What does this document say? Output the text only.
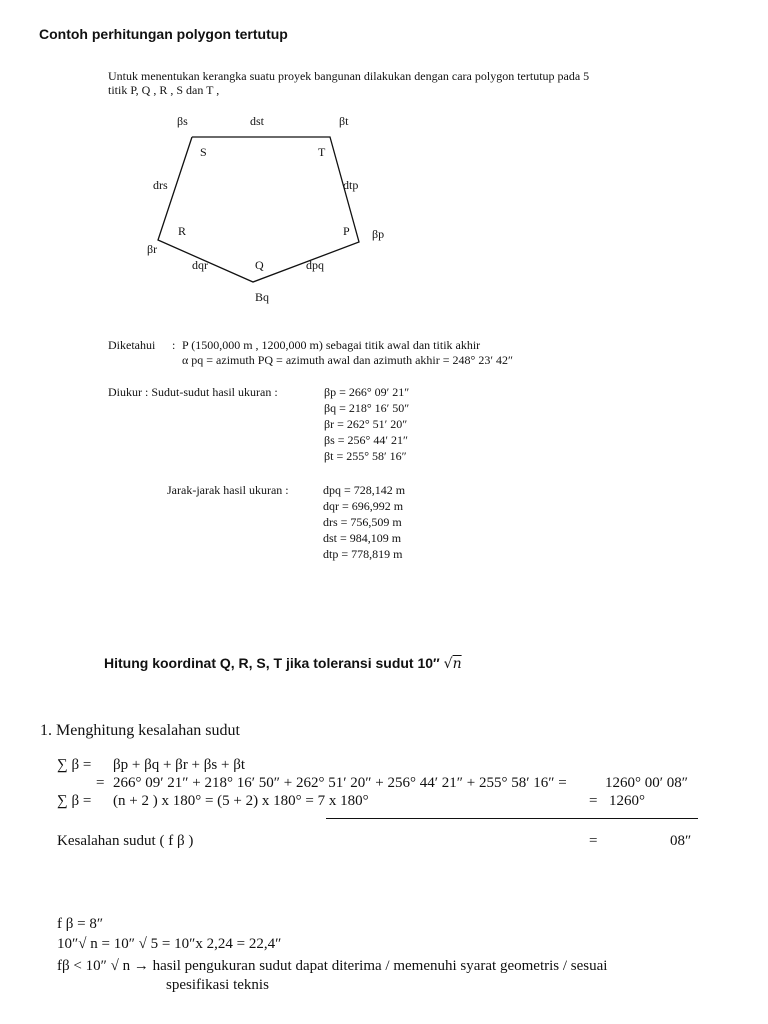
Contoh perhitungan polygon tertutup
Untuk menentukan kerangka suatu proyek bangunan dilakukan dengan cara polygon tertutup pada 5
titik P, Q , R , S dan T ,
βs	dst	βt
S	T
drs	dtp
R	P βp
βr
dqr	Q	dpq
Bq
Diketahui : P (1500,000 m , 1200,000 m) sebagai titik awal dan titik akhir
α pq = azimuth PQ = azimuth awal dan azimuth akhir = 248° 23′ 42″
Diukur : Sudut-sudut hasil ukuran :	βp = 266° 09′ 21″
βq = 218° 16′ 50″
βr = 262° 51′ 20″
βs = 256° 44′ 21″
βt = 255° 58′ 16″
Jarak-jarak hasil ukuran :	dpq = 728,142 m
dqr = 696,992 m
drs = 756,509 m
dst = 984,109 m
dtp = 778,819 m
Hitung koordinat Q, R, S, T jika toleransi sudut 10″ √n
1. Menghitung kesalahan sudut
∑ β = βp + βq + βr + βs + βt
= 266° 09′ 21″ + 218° 16′ 50″ + 262° 51′ 20″ + 256° 44′ 21″ + 255° 58′ 16″ =	1260° 00′ 08″
∑ β = (n + 2 ) x 180° = (5 + 2) x 180° = 7 x 180°	= 1260°
Kesalahan sudut ( f β )	=	08″
f β = 8″
10″√ n = 10″ √ 5 = 10″x 2,24 = 22,4″
fβ < 10″ √ n → hasil pengukuran sudut dapat diterima / memenuhi syarat geometris / sesuai
spesifikasi teknis
